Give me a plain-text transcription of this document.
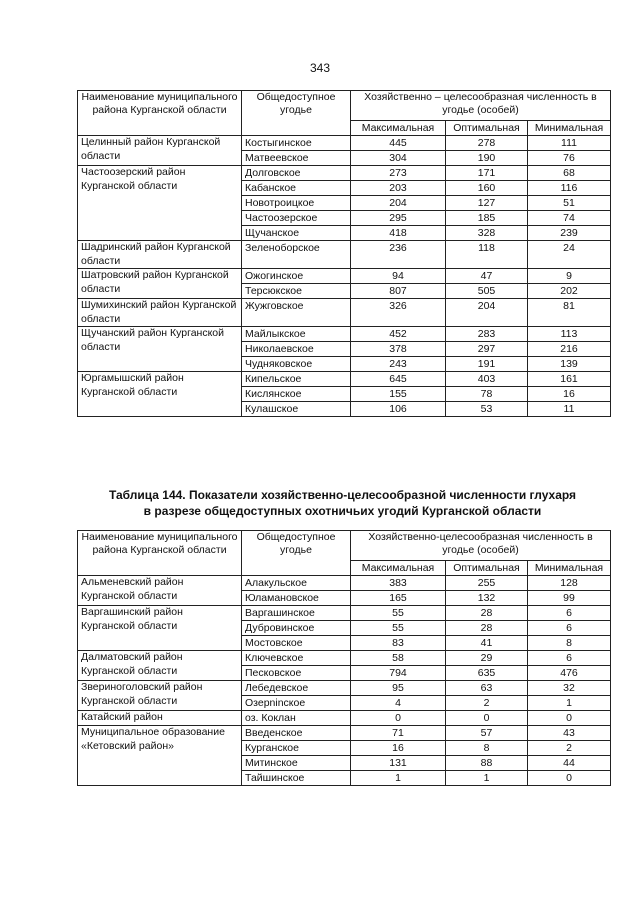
343
Наименование муниципального района Курганской области	Общедоступное угодье	Хозяйственно – целесообразная численность в угодье (особей)		
		Максимальная	Оптимальная	Минимальная
Целинный район Курганской области	Костыгинское	445	278	111
	Матвеевское	304	190	76
Частоозерский район Курганской области	Долговское	273	171	68
	Кабанское	203	160	116
	Новотроицкое	204	127	51
	Частоозерское	295	185	74
	Щучанское	418	328	239
Шадринский район Курганской области	Зеленоборское	236	118	24
Шатровский район Курганской области	Ожогинское	94	47	9
	Терсюкское	807	505	202
Шумихинский район Курганской области	Жужговское	326	204	81
Щучанский район Курганской области	Майлыкское	452	283	113
	Николаевское	378	297	216
	Чудняковское	243	191	139
Юргамышский район Курганской области	Кипельское	645	403	161
	Кислянское	155	78	16
	Кулашское	106	53	11
Таблица 144. Показатели хозяйственно-целесообразной численности глухаря
в разрезе общедоступных охотничьих угодий Курганской области
Наименование муниципального района Курганской области	Общедоступное угодье	Хозяйственно-целесообразная численность в угодье (особей)		
		Максимальная	Оптимальная	Минимальная
Альменевский район Курганской области	Алакульское	383	255	128
	Юламановское	165	132	99
Варгашинский район Курганской области	Варгашинское	55	28	6
	Дубровинское	55	28	6
	Мостовское	83	41	8
Далматовский район Курганской области	Ключевское	58	29	6
	Песковское	794	635	476
Звериноголовский район Курганской области	Лебедевское	95	63	32
	Озерninское	4	2	1
Катайский район	оз. Коклан	0	0	0
Муниципальное образование «Кетовский район»	Введенское	71	57	43
	Курганское	16	8	2
	Митинское	131	88	44
	Тайшинское	1	1	0
